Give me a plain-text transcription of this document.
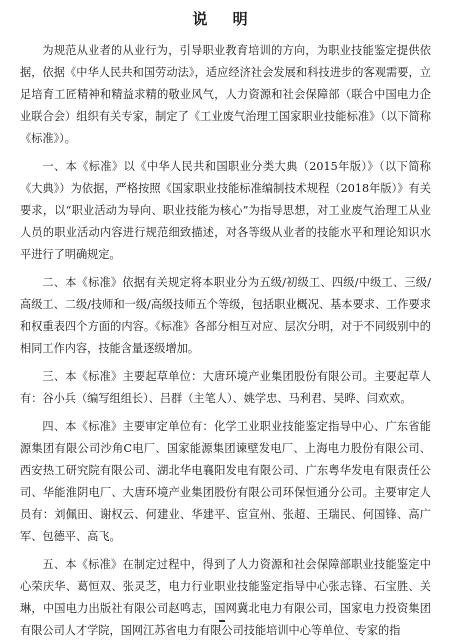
说 明

为规范从业者的从业行为，引导职业教育培训的方向，为职业技能鉴定提供依据，依据《中华人民共和国劳动法》，适应经济社会发展和科技进步的客观需要，立足培育工匠精神和精益求精的敬业风气，人力资源和社会保障部（联合中国电力企业联合会）组织有关专家，制定了《工业废气治理工国家职业技能标准》（以下简称《标准》）。

一、本《标准》以《中华人民共和国职业分类大典（2015年版）》（以下简称《大典》）为依据，严格按照《国家职业技能标准编制技术规程（2018年版）》有关要求，以“职业活动为导向、职业技能为核心”为指导思想，对工业废气治理工从业人员的职业活动内容进行规范细致描述，对各等级从业者的技能水平和理论知识水平进行了明确规定。

二、本《标准》依据有关规定将本职业分为五级/初级工、四级/中级工、三级/高级工、二级/技师和一级/高级技师五个等级，包括职业概况、基本要求、工作要求和权重表四个方面的内容。《标准》各部分相互对应、层次分明，对于不同级别中的相同工作内容，技能含量逐级增加。

三、本《标准》主要起草单位：大唐环境产业集团股份有限公司。主要起草人有：谷小兵（编写组组长）、吕群（主笔人）、姚学忠、马利君、吴晔、闫欢欢。

四、本《标准》主要审定单位有：化学工业职业技能鉴定指导中心、广东省能源集团有限公司沙角C电厂、国家能源集团谏壁发电厂、上海电力股份有限公司、西安热工研究院有限公司、湖北华电襄阳发电有限公司、广东粤华发电有限责任公司、华能淮阴电厂、大唐环境产业集团股份有限公司环保恒通分公司。主要审定人员有：刘佩田、谢权云、何建业、华建平、宦宣州、张超、王瑞民、何国锋、高广军、包德平、高飞。

五、本《标准》在制定过程中，得到了人力资源和社会保障部职业技能鉴定中心荣庆华、葛恒双、张灵芝，电力行业职业技能鉴定指导中心张志锋、石宝胜、关琳，中国电力出版社有限公司赵鸣志，国网冀北电力有限公司，国家电力投资集团有限公司人才学院，国网江苏省电力有限公司技能培训中心等单位、专家的指
